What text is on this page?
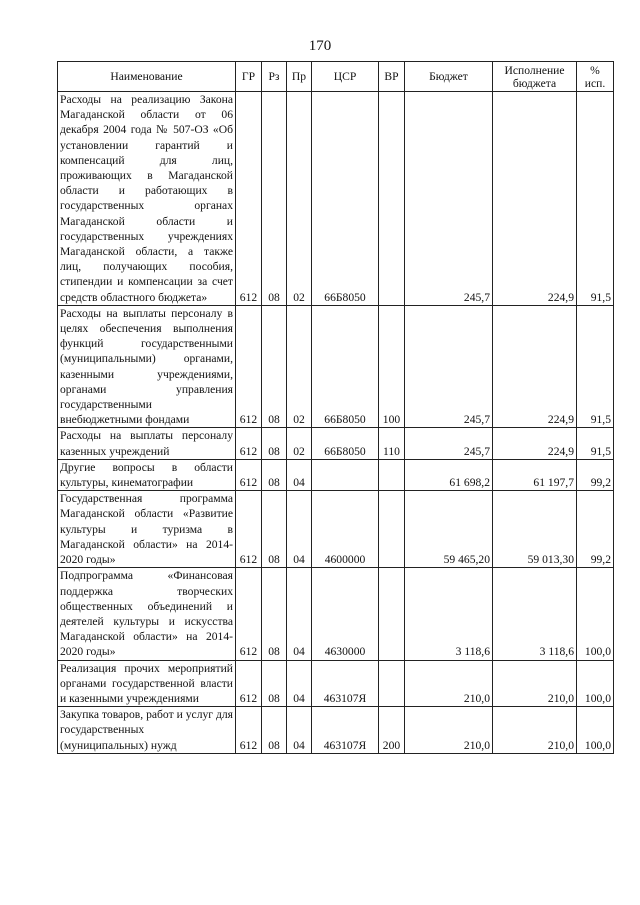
170
Наименование	ГР	Рз	Пр	ЦСР	ВР	Бюджет	Исполнение бюджета	% исп.
Расходы на реализацию Закона Магаданской области от 06 декабря 2004 года № 507-ОЗ «Об установлении гарантий и компенсаций для лиц, проживающих в Магаданской области и работающих в государственных органах Магаданской области и государственных учреждениях Магаданской области, а также лиц, получающих пособия, стипендии и компенсации за счет средств областного бюджета»	612	08	02	66Б8050		245,7	224,9	91,5
Расходы на выплаты персоналу в целях обеспечения выполнения функций государственными (муниципальными) органами, казенными учреждениями, органами управления государственными внебюджетными фондами	612	08	02	66Б8050	100	245,7	224,9	91,5
Расходы на выплаты персоналу казенных учреждений	612	08	02	66Б8050	110	245,7	224,9	91,5
Другие вопросы в области культуры, кинематографии	612	08	04			61 698,2	61 197,7	99,2
Государственная программа Магаданской области «Развитие культуры и туризма в Магаданской области» на 2014-2020 годы»	612	08	04	4600000		59 465,20	59 013,30	99,2
Подпрограмма «Финансовая поддержка творческих общественных объединений и деятелей культуры и искусства Магаданской области» на 2014-2020 годы»	612	08	04	4630000		3 118,6	3 118,6	100,0
Реализация прочих мероприятий органами государственной власти и казенными учреждениями	612	08	04	463107Я		210,0	210,0	100,0
Закупка товаров, работ и услуг для государственных (муниципальных) нужд	612	08	04	463107Я	200	210,0	210,0	100,0
